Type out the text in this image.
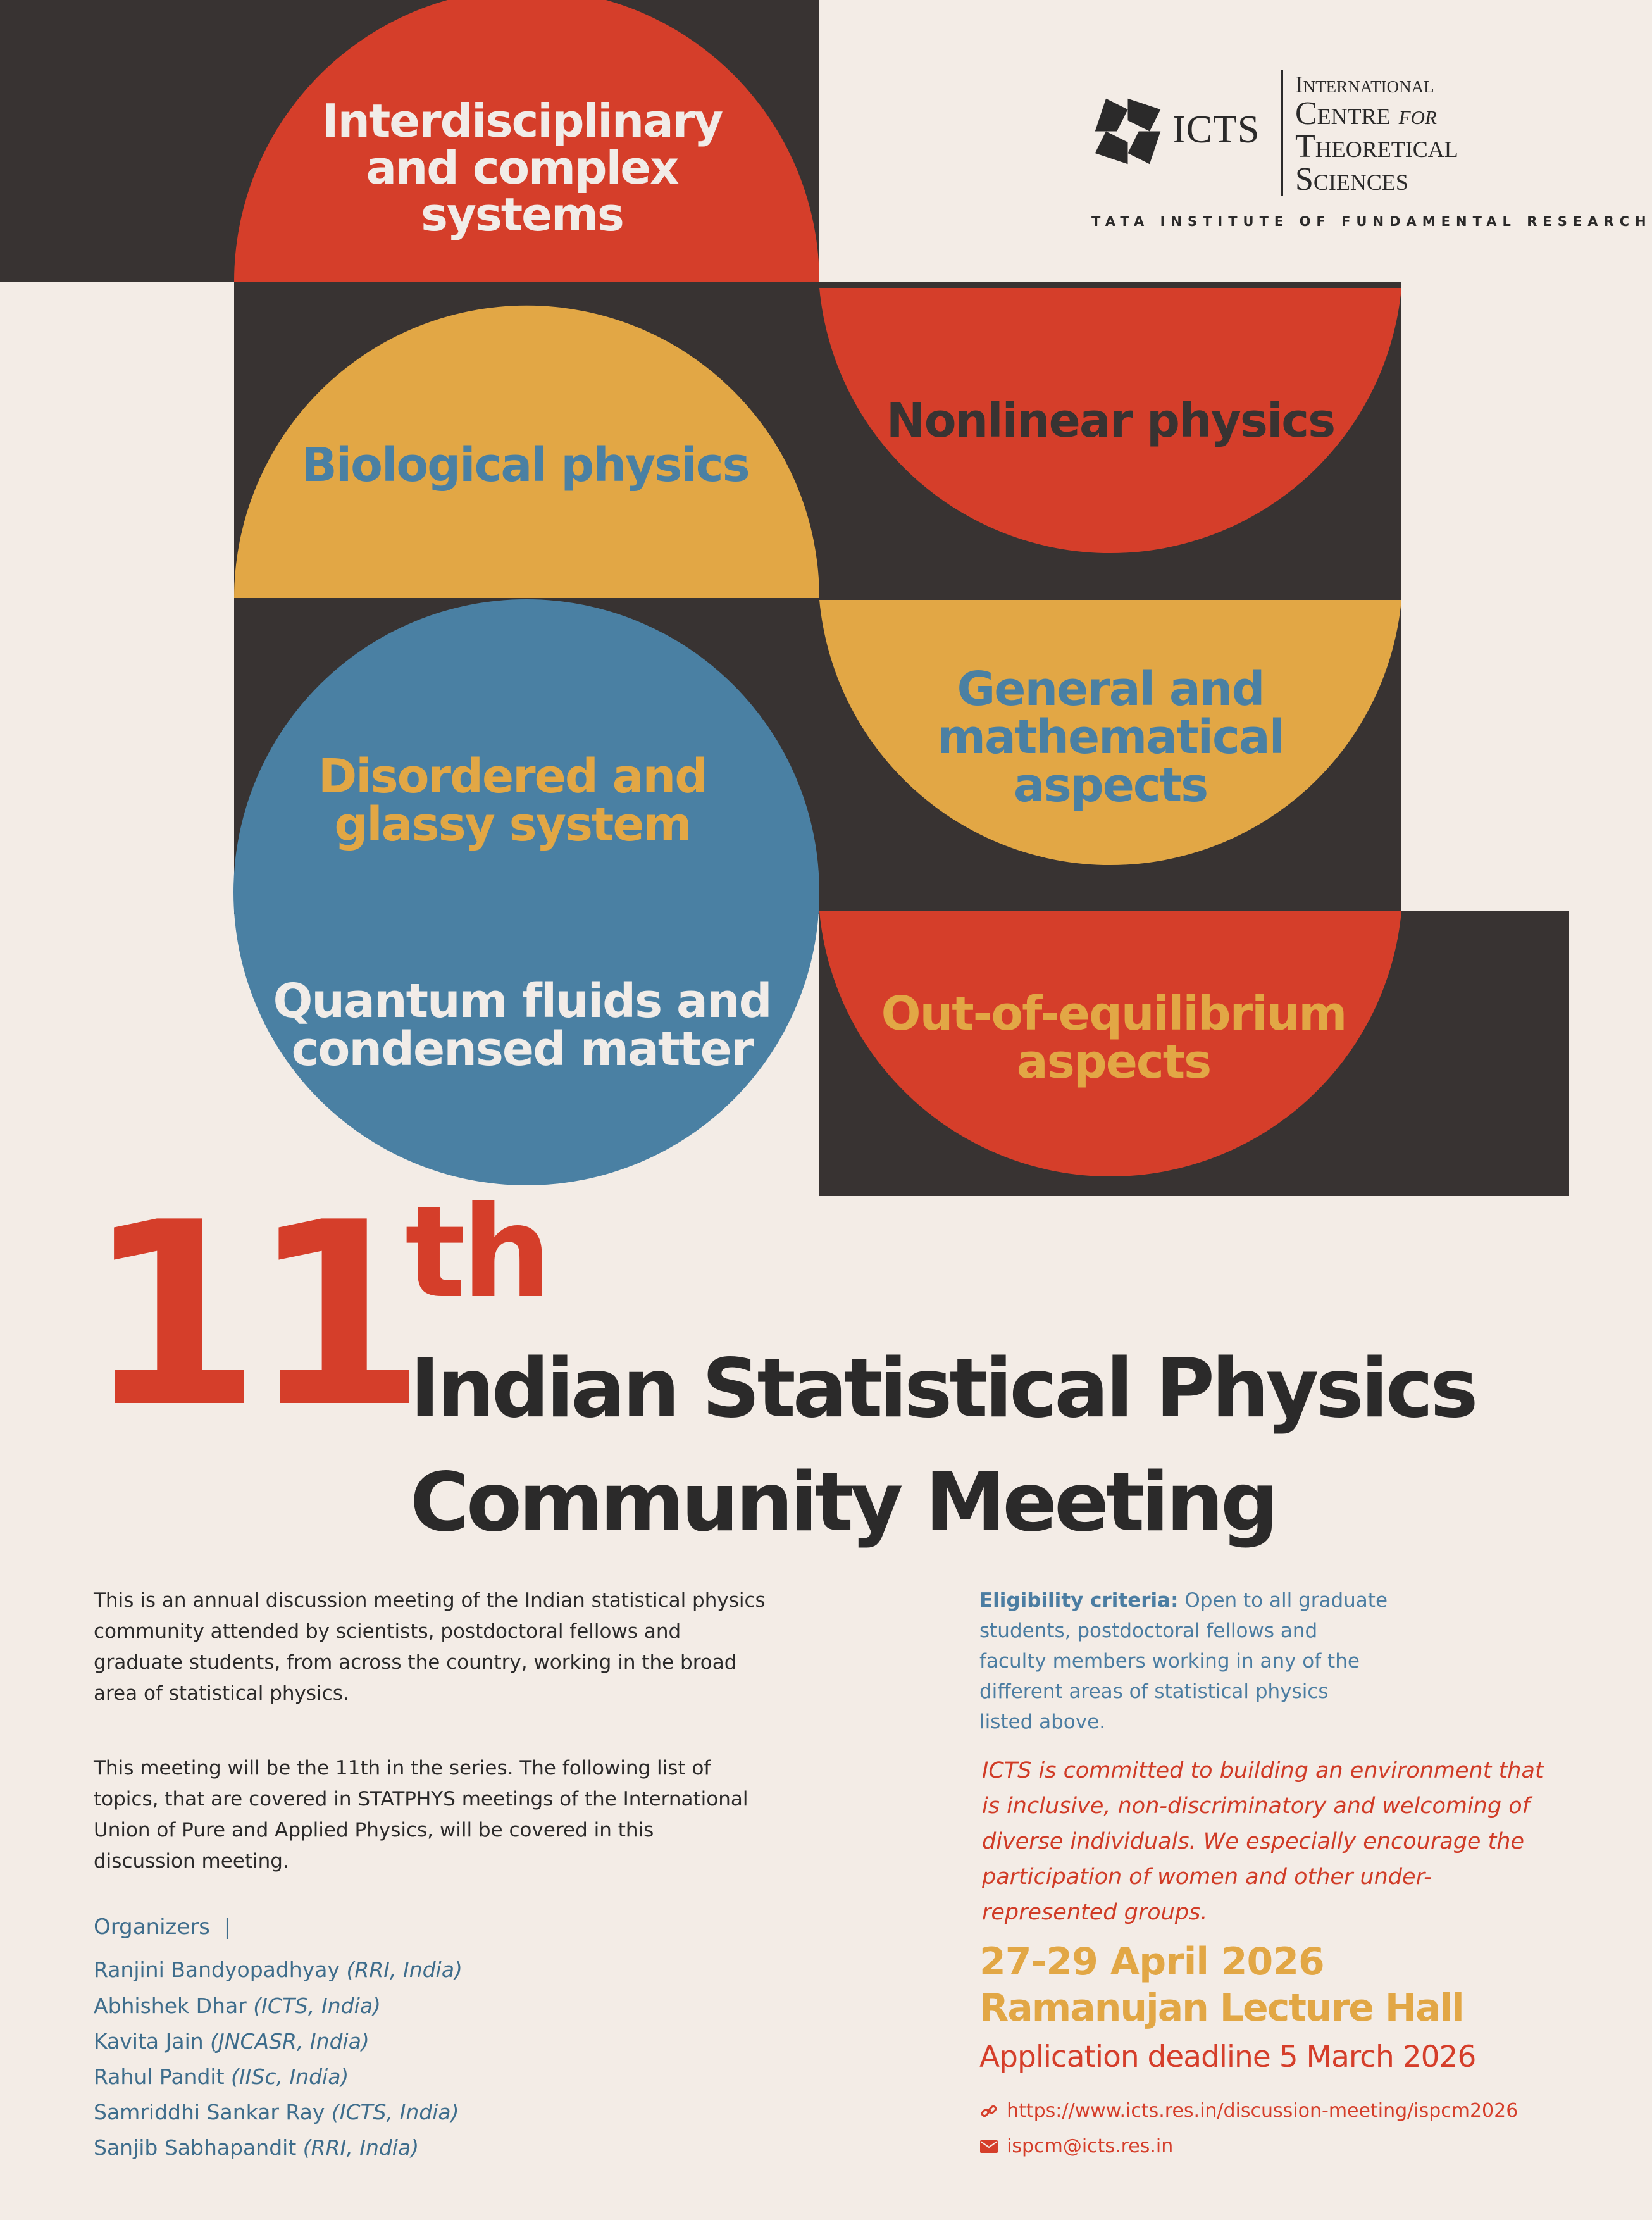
Interdisciplinary
and complex
systems
Biological physics
Nonlinear physics
General and
mathematical
aspects
Disordered and
glassy system
Quantum fluids and
condensed matter
Out-of-equilibrium
aspects
ICTS
International
Centre for
Theoretical
Sciences
TATA INSTITUTE OF FUNDAMENTAL RESEARCH
11
th
Indian Statistical Physics
Community Meeting
This is an annual discussion meeting of the Indian statistical physics
community attended by scientists, postdoctoral fellows and
graduate students, from across the country, working in the broad
area of statistical physics.
This meeting will be the 11th in the series. The following list of
topics, that are covered in STATPHYS meetings of the International
Union of Pure and Applied Physics, will be covered in this
discussion meeting.
Organizers |
Ranjini Bandyopadhyay (RRI, India)
Abhishek Dhar (ICTS, India)
Kavita Jain (JNCASR, India)
Rahul Pandit (IISc, India)
Samriddhi Sankar Ray (ICTS, India)
Sanjib Sabhapandit (RRI, India)
Eligibility criteria: Open to all graduate
students, postdoctoral fellows and
faculty members working in any of the
different areas of statistical physics
listed above.
ICTS is committed to building an environment that
is inclusive, non-discriminatory and welcoming of
diverse individuals. We especially encourage the
participation of women and other under-
represented groups.
27-29 April 2026
Ramanujan Lecture Hall
Application deadline 5 March 2026
https://www.icts.res.in/discussion-meeting/ispcm2026
ispcm@icts.res.in
